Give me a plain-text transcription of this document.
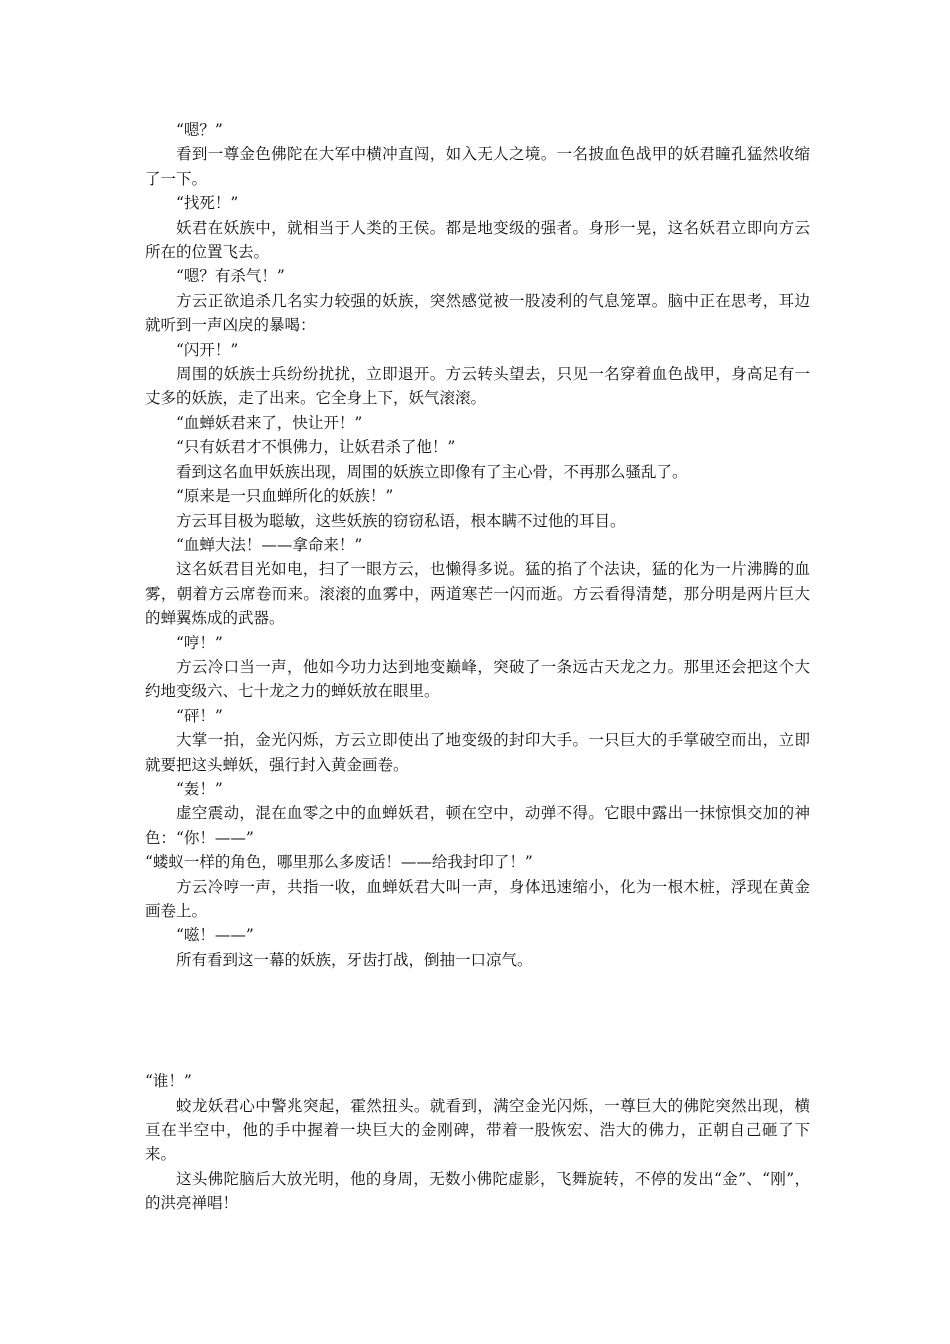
“嗯？”

看到一尊金色佛陀在大军中横冲直闯，如入无人之境。一名披血色战甲的妖君瞳孔猛然收缩了一下。

“找死！”

妖君在妖族中，就相当于人类的王侯。都是地变级的强者。身形一晃，这名妖君立即向方云所在的位置飞去。

“嗯？有杀气！”

方云正欲追杀几名实力较强的妖族，突然感觉被一股凌利的气息笼罩。脑中正在思考，耳边就听到一声凶戾的暴喝：

“闪开！”

周围的妖族士兵纷纷扰扰，立即退开。方云转头望去，只见一名穿着血色战甲，身高足有一丈多的妖族，走了出来。它全身上下，妖气滚滚。

“血蝉妖君来了，快让开！”

“只有妖君才不惧佛力，让妖君杀了他！”

看到这名血甲妖族出现，周围的妖族立即像有了主心骨，不再那么骚乱了。

“原来是一只血蝉所化的妖族！”

方云耳目极为聪敏，这些妖族的窃窃私语，根本瞒不过他的耳目。

“血蝉大法！——拿命来！”

这名妖君目光如电，扫了一眼方云，也懒得多说。猛的掐了个法诀，猛的化为一片沸腾的血雾，朝着方云席卷而来。滚滚的血雾中，两道寒芒一闪而逝。方云看得清楚，那分明是两片巨大的蝉翼炼成的武器。

“哼！”

方云冷口当一声，他如今功力达到地变巅峰，突破了一条远古天龙之力。那里还会把这个大约地变级六、七十龙之力的蝉妖放在眼里。

“砰！”

大掌一拍，金光闪烁，方云立即使出了地变级的封印大手。一只巨大的手掌破空而出，立即就要把这头蝉妖，强行封入黄金画卷。

“轰！”

虚空震动，混在血零之中的血蝉妖君，顿在空中，动弹不得。它眼中露出一抹惊惧交加的神色：“你！——”

“蝼蚁一样的角色，哪里那么多废话！——给我封印了！”

方云冷哼一声，共指一收，血蝉妖君大叫一声，身体迅速缩小，化为一根木桩，浮现在黄金画卷上。

“嗞！——”

所有看到这一幕的妖族，牙齿打战，倒抽一口凉气。

“谁！”

蛟龙妖君心中警兆突起，霍然扭头。就看到，满空金光闪烁，一尊巨大的佛陀突然出现，横亘在半空中，他的手中握着一块巨大的金刚碑，带着一股恢宏、浩大的佛力，正朝自己砸了下来。

这头佛陀脑后大放光明，他的身周，无数小佛陀虚影，飞舞旋转，不停的发出“金”、“刚”，的洪亮禅唱！
